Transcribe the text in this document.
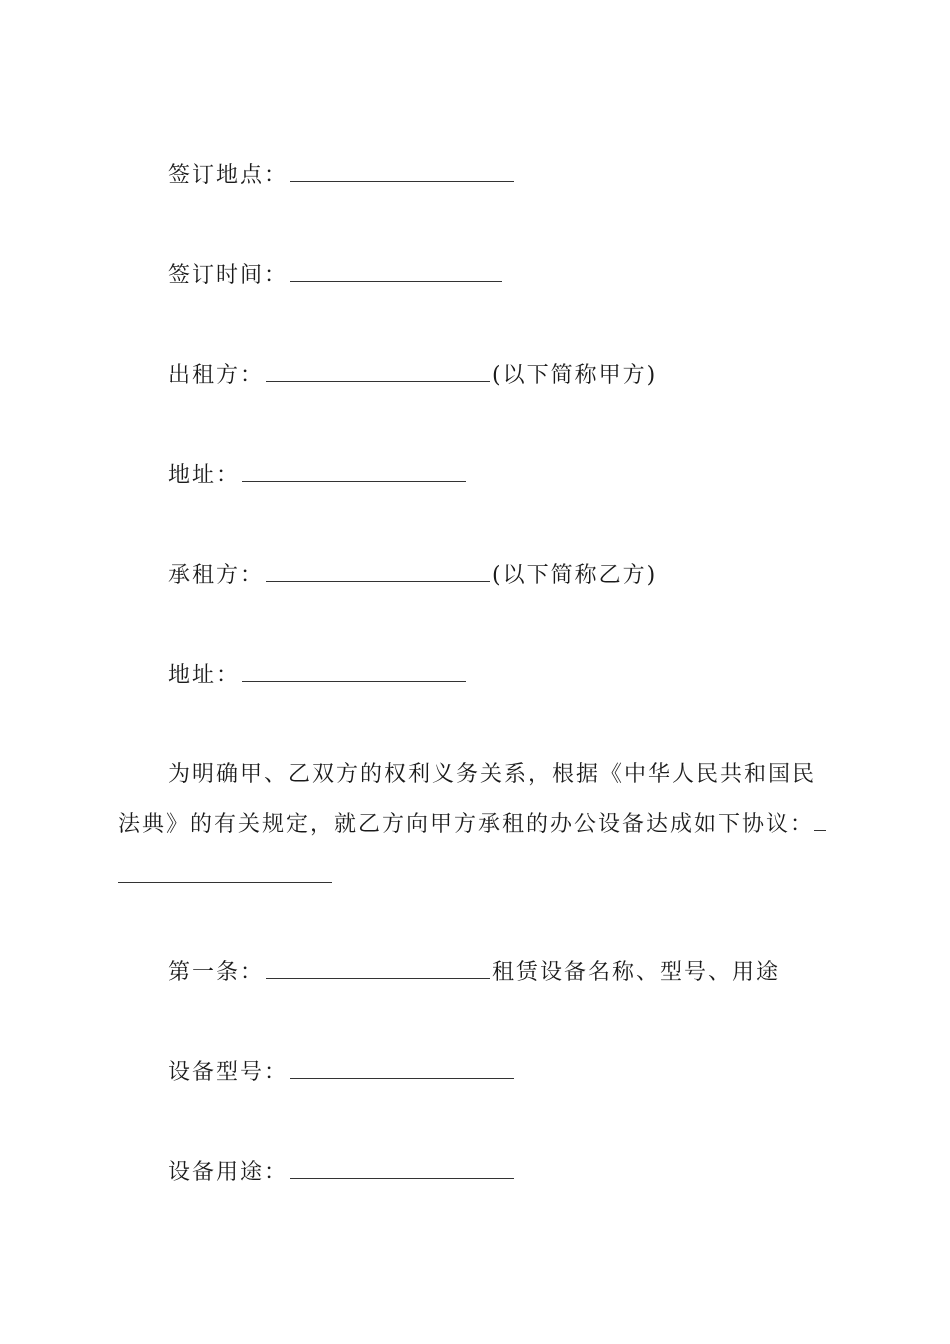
签订地点：
签订时间：
出租方：	(以下简称甲方)
地址：
承租方：	(以下简称乙方)
地址：
为明确甲、乙双方的权利义务关系，根据《中华人民共和国民法典》的有关规定，就乙方向甲方承租的办公设备达成如下协议：
第一条：	租赁设备名称、型号、用途
设备型号：
设备用途：
